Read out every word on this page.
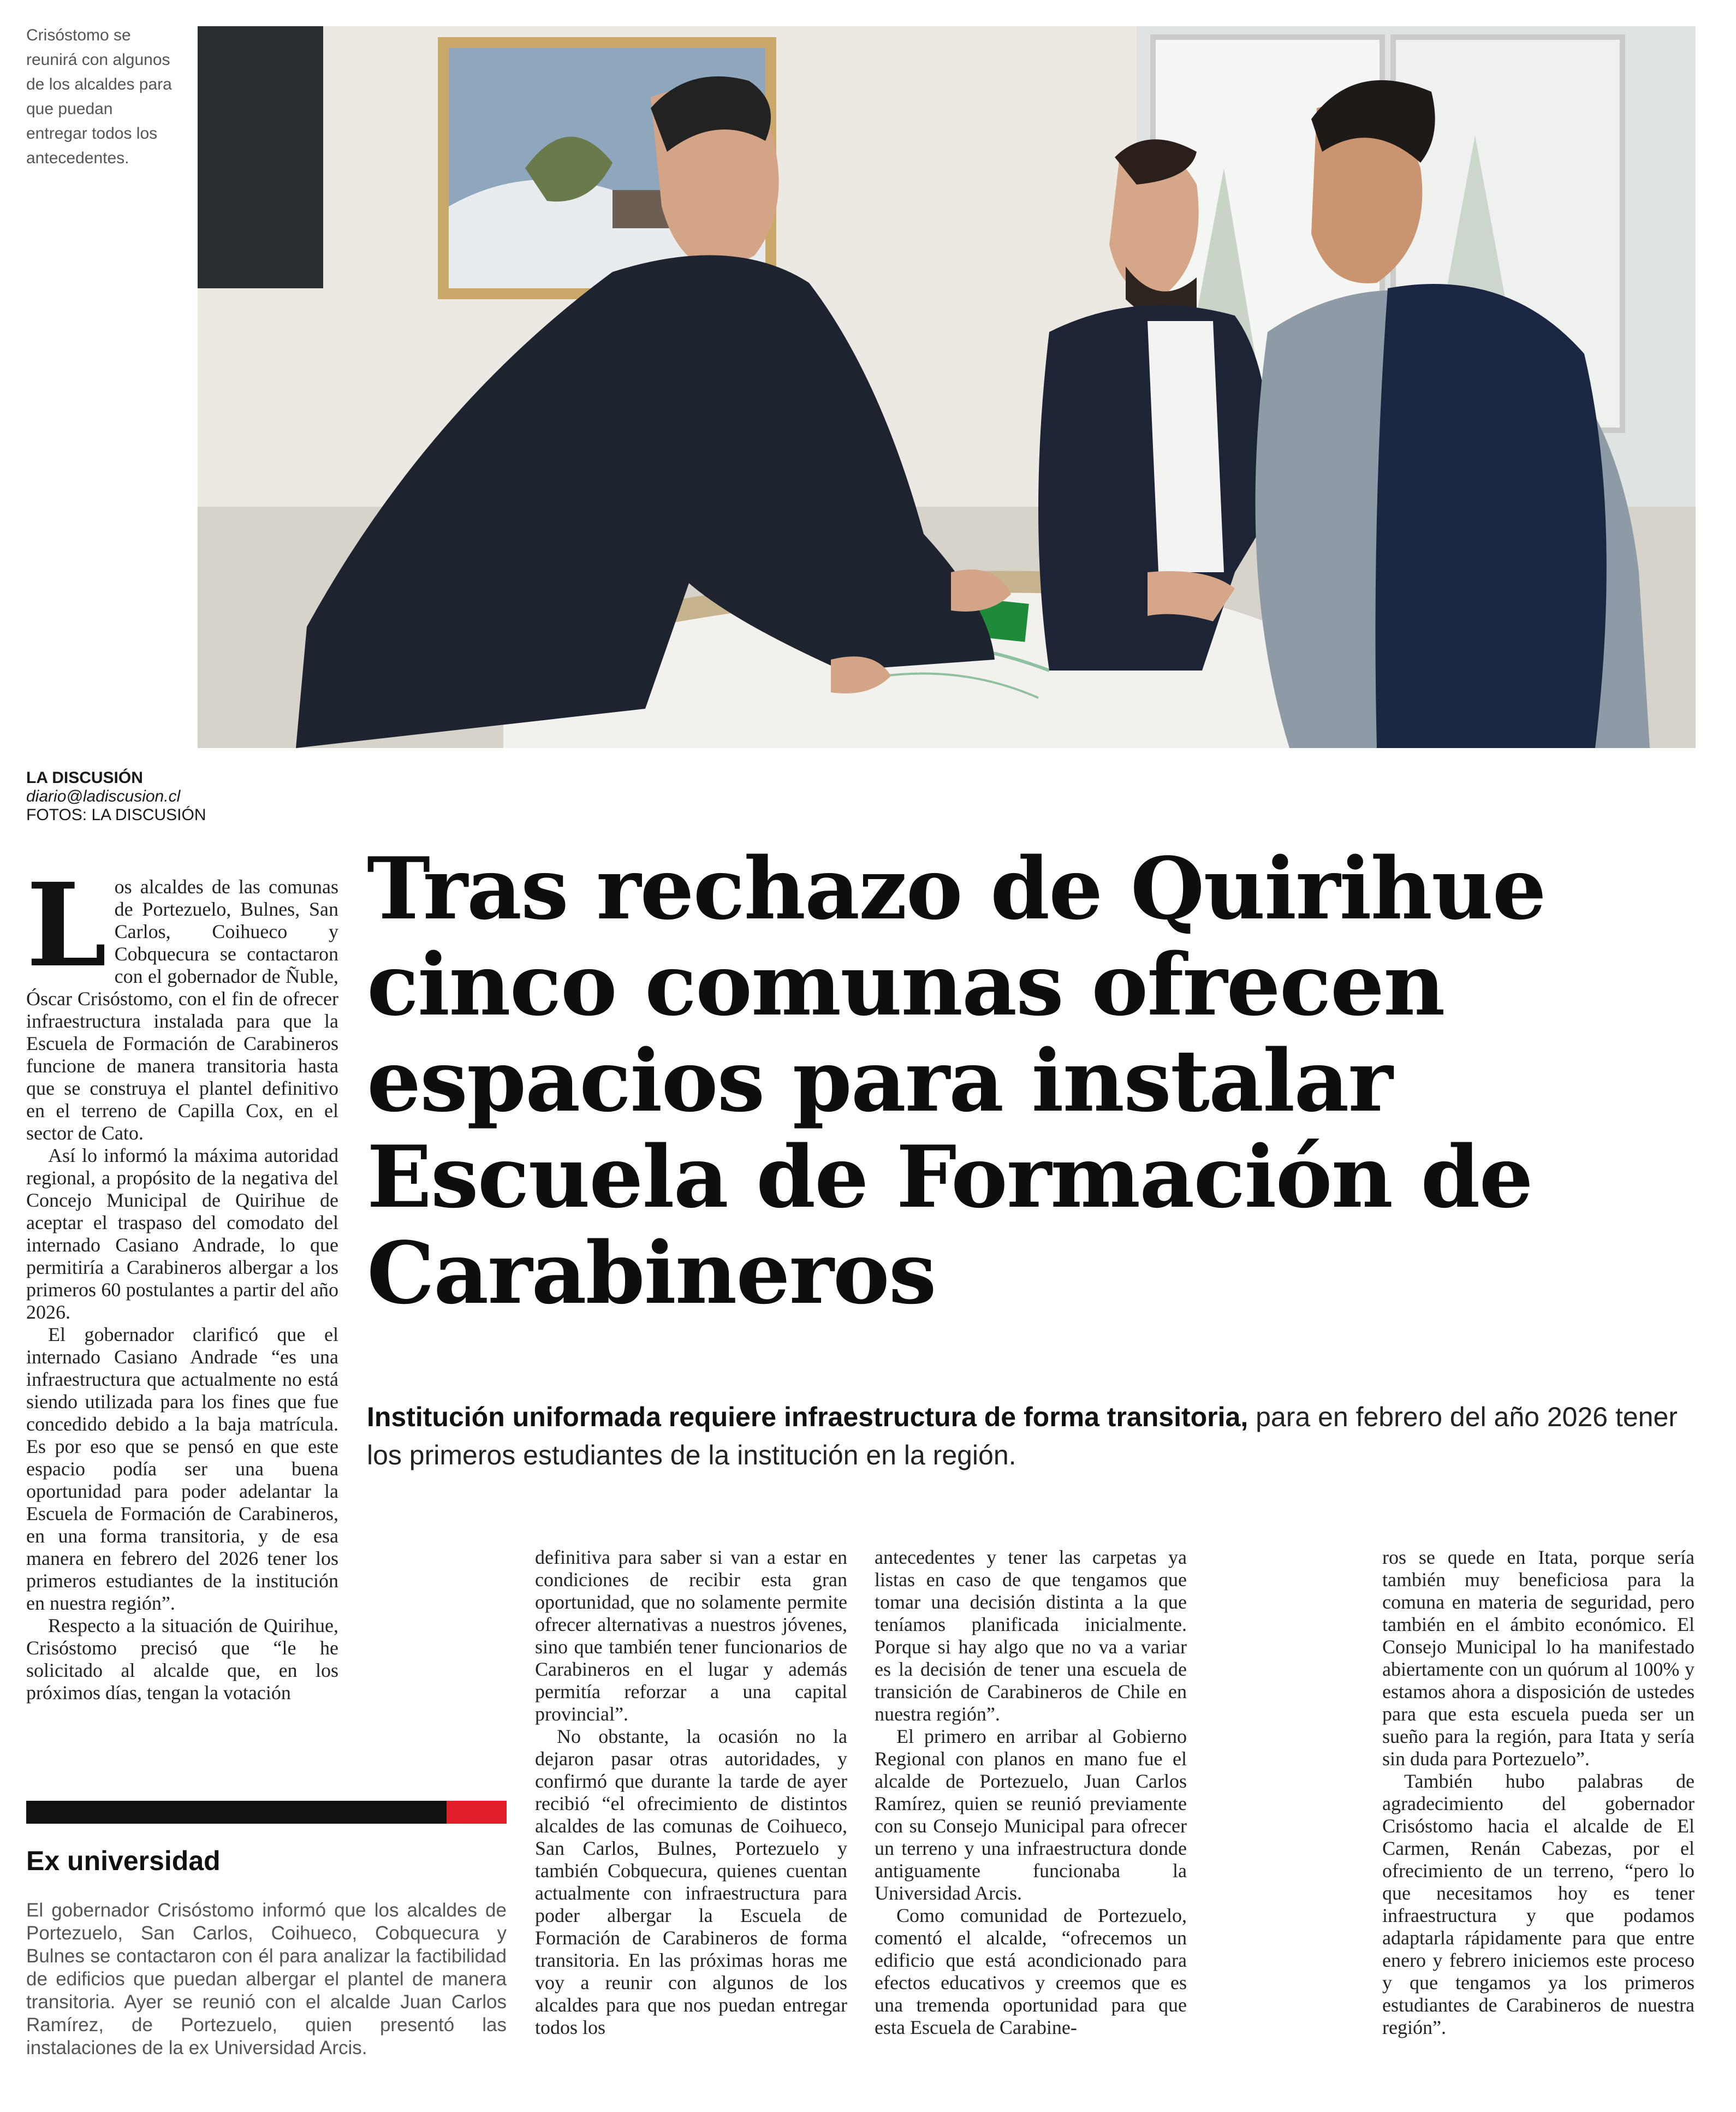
Crisóstomo se reunirá con algunos de los alcaldes para que puedan entregar todos los antecedentes.
LA DISCUSIÓN
diario@ladiscusion.cl
FOTOS: LA DISCUSIÓN
Tras rechazo de Quirihue cinco comunas ofrecen espacios para instalar Escuela de Formación de Carabineros
Institución uniformada requiere infraestructura de forma transitoria, para en febrero del año 2026 tener los primeros estudiantes de la institución en la región.

Los alcaldes de las comunas de Portezuelo, Bulnes, San Carlos, Coihueco y Cobquecura se contactaron con el gobernador de Ñuble, Óscar Crisóstomo, con el fin de ofrecer infraestructura instalada para que la Escuela de Formación de Carabineros funcione de manera transitoria hasta que se construya el plantel definitivo en el terreno de Capilla Cox, en el sector de Cato.

Así lo informó la máxima autoridad regional, a propósito de la negativa del Concejo Municipal de Quirihue de aceptar el traspaso del comodato del internado Casiano Andrade, lo que permitiría a Carabineros albergar a los primeros 60 postulantes a partir del año 2026.

El gobernador clarificó que el internado Casiano Andrade “es una infraestructura que actualmente no está siendo utilizada para los fines que fue concedido debido a la baja matrícula. Es por eso que se pensó en que este espacio podía ser una buena oportunidad para poder adelantar la Escuela de Formación de Carabineros, en una forma transitoria, y de esa manera en febrero del 2026 tener los primeros estudiantes de la institución en nuestra región”.

Respecto a la situación de Quirihue, Crisóstomo precisó que “le he solicitado al alcalde que, en los próximos días, tengan la votación

definitiva para saber si van a estar en condiciones de recibir esta gran oportunidad, que no solamente permite ofrecer alternativas a nuestros jóvenes, sino que también tener funcionarios de Carabineros en el lugar y además permitía reforzar a una capital provincial”.

No obstante, la ocasión no la dejaron pasar otras autoridades, y confirmó que durante la tarde de ayer recibió “el ofrecimiento de distintos alcaldes de las comunas de Coihueco, San Carlos, Bulnes, Portezuelo y también Cobquecura, quienes cuentan actualmente con infraestructura para poder albergar la Escuela de Formación de Carabineros de forma transitoria. En las próximas horas me voy a reunir con algunos de los alcaldes para que nos puedan entregar todos los

antecedentes y tener las carpetas ya listas en caso de que tengamos que tomar una decisión distinta a la que teníamos planificada inicialmente. Porque si hay algo que no va a variar es la decisión de tener una escuela de transición de Carabineros de Chile en nuestra región”.

El primero en arribar al Gobierno Regional con planos en mano fue el alcalde de Portezuelo, Juan Carlos Ramírez, quien se reunió previamente con su Consejo Municipal para ofrecer un terreno y una infraestructura donde antiguamente funcionaba la Universidad Arcis.

Como comunidad de Portezuelo, comentó el alcalde, “ofrecemos un edificio que está acondicionado para efectos educativos y creemos que es una tremenda oportunidad para que esta Escuela de Carabine-

ros se quede en Itata, porque sería también muy beneficiosa para la comuna en materia de seguridad, pero también en el ámbito económico. El Consejo Municipal lo ha manifestado abiertamente con un quórum al 100% y estamos ahora a disposición de ustedes para que esta escuela pueda ser un sueño para la región, para Itata y sería sin duda para Portezuelo”.

También hubo palabras de agradecimiento del gobernador Crisóstomo hacia el alcalde de El Carmen, Renán Cabezas, por el ofrecimiento de un terreno, “pero lo que necesitamos hoy es tener infraestructura y que podamos adaptarla rápidamente para que entre enero y febrero iniciemos este proceso y que tengamos ya los primeros estudiantes de Carabineros de nuestra región”.

Ex universidad
El gobernador Crisóstomo informó que los alcaldes de Portezuelo, San Carlos, Coihueco, Cobquecura y Bulnes se contactaron con él para analizar la factibilidad de edificios que puedan albergar el plantel de manera transitoria. Ayer se reunió con el alcalde Juan Carlos Ramírez, de Portezuelo, quien presentó las instalaciones de la ex Universidad Arcis.
